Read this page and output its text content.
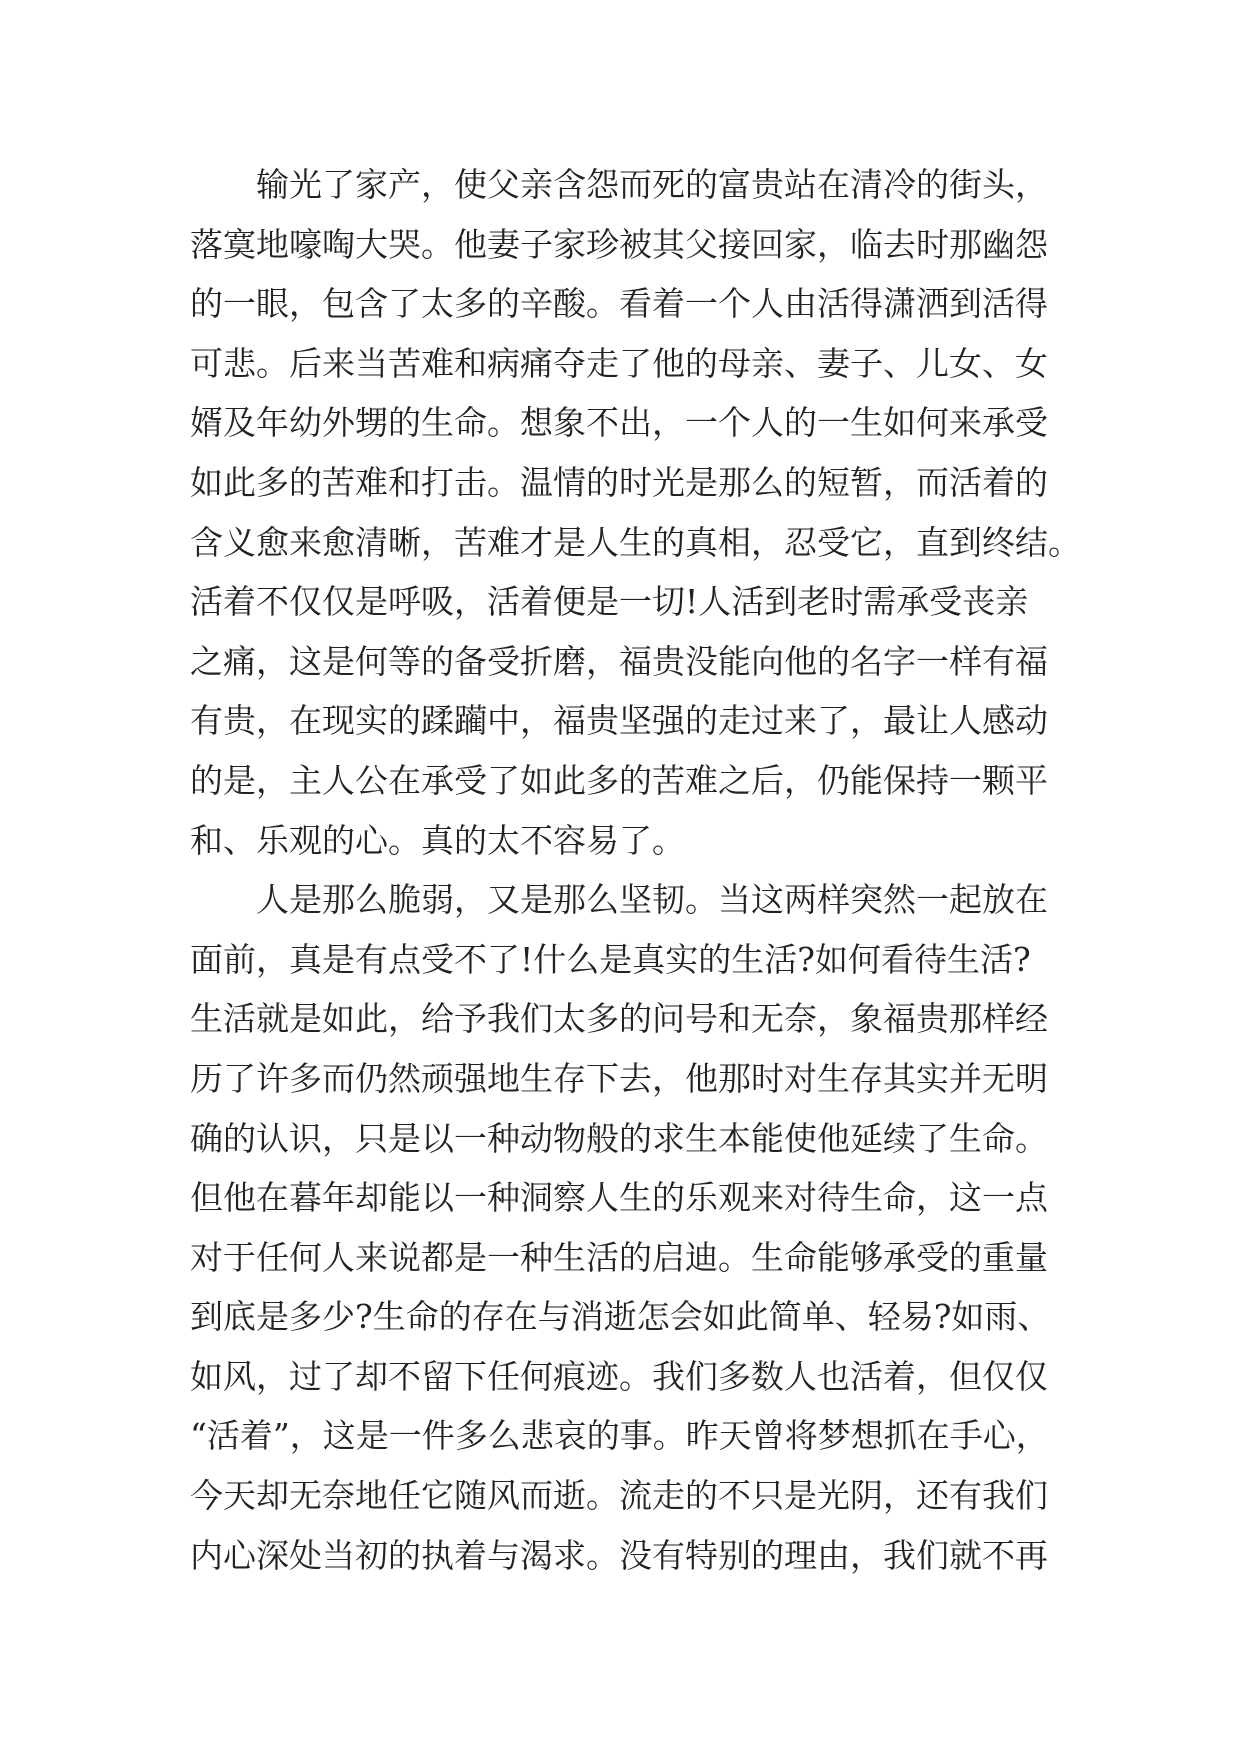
输光了家产，使父亲含怨而死的富贵站在清冷的街头，
落寞地嚎啕大哭。他妻子家珍被其父接回家，临去时那幽怨
的一眼，包含了太多的辛酸。看着一个人由活得潇洒到活得
可悲。后来当苦难和病痛夺走了他的母亲、妻子、儿女、女
婿及年幼外甥的生命。想象不出，一个人的一生如何来承受
如此多的苦难和打击。温情的时光是那么的短暂，而活着的
含义愈来愈清晰，苦难才是人生的真相，忍受它，直到终结。
活着不仅仅是呼吸，活着便是一切!人活到老时需承受丧亲
之痛，这是何等的备受折磨，福贵没能向他的名字一样有福
有贵，在现实的蹂躏中，福贵坚强的走过来了，最让人感动
的是，主人公在承受了如此多的苦难之后，仍能保持一颗平
和、乐观的心。真的太不容易了。
人是那么脆弱，又是那么坚韧。当这两样突然一起放在
面前，真是有点受不了!什么是真实的生活?如何看待生活?
生活就是如此，给予我们太多的问号和无奈，象福贵那样经
历了许多而仍然顽强地生存下去，他那时对生存其实并无明
确的认识，只是以一种动物般的求生本能使他延续了生命。
但他在暮年却能以一种洞察人生的乐观来对待生命，这一点
对于任何人来说都是一种生活的启迪。生命能够承受的重量
到底是多少?生命的存在与消逝怎会如此简单、轻易?如雨、
如风，过了却不留下任何痕迹。我们多数人也活着，但仅仅
“活着”，这是一件多么悲哀的事。昨天曾将梦想抓在手心，
今天却无奈地任它随风而逝。流走的不只是光阴，还有我们
内心深处当初的执着与渴求。没有特别的理由，我们就不再
